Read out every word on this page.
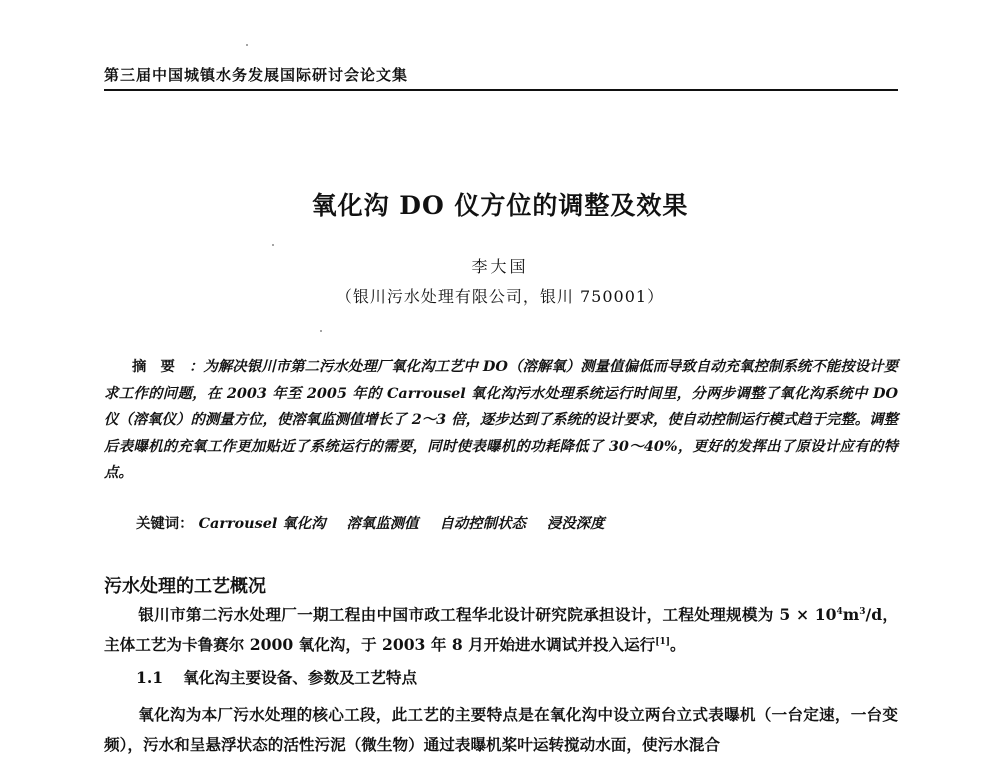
第三届中国城镇水务发展国际研讨会论文集
氧化沟 DO 仪方位的调整及效果
李大国
（银川污水处理有限公司，银川 750001）
摘要：为解决银川市第二污水处理厂氧化沟工艺中 DO（溶解氧）测量值偏低而导致自动充氧控制系统不能按设计要求工作的问题，在 2003 年至 2005 年的 Carrousel 氧化沟污水处理系统运行时间里，分两步调整了氧化沟系统中 DO 仪（溶氧仪）的测量方位，使溶氧监测值增长了 2～3 倍，逐步达到了系统的设计要求，使自动控制运行模式趋于完整。调整后表曝机的充氧工作更加贴近了系统运行的需要，同时使表曝机的功耗降低了 30～40%，更好的发挥出了原设计应有的特点。
关键词： Carrousel 氧化沟 溶氧监测值 自动控制状态 浸没深度
污水处理的工艺概况
银川市第二污水处理厂一期工程由中国市政工程华北设计研究院承担设计，工程处理规模为 $5 \times 10^4m^3/d$，主体工艺为卡鲁赛尔 2000 氧化沟，于 2003 年 8 月开始进水调试并投入运行[1]。
1.1 氧化沟主要设备、参数及工艺特点
氧化沟为本厂污水处理的核心工段，此工艺的主要特点是在氧化沟中设立两台立式表曝机（一台定速，一台变频），污水和呈悬浮状态的活性污泥（微生物）通过表曝机桨叶运转搅动水面，使污水混合
